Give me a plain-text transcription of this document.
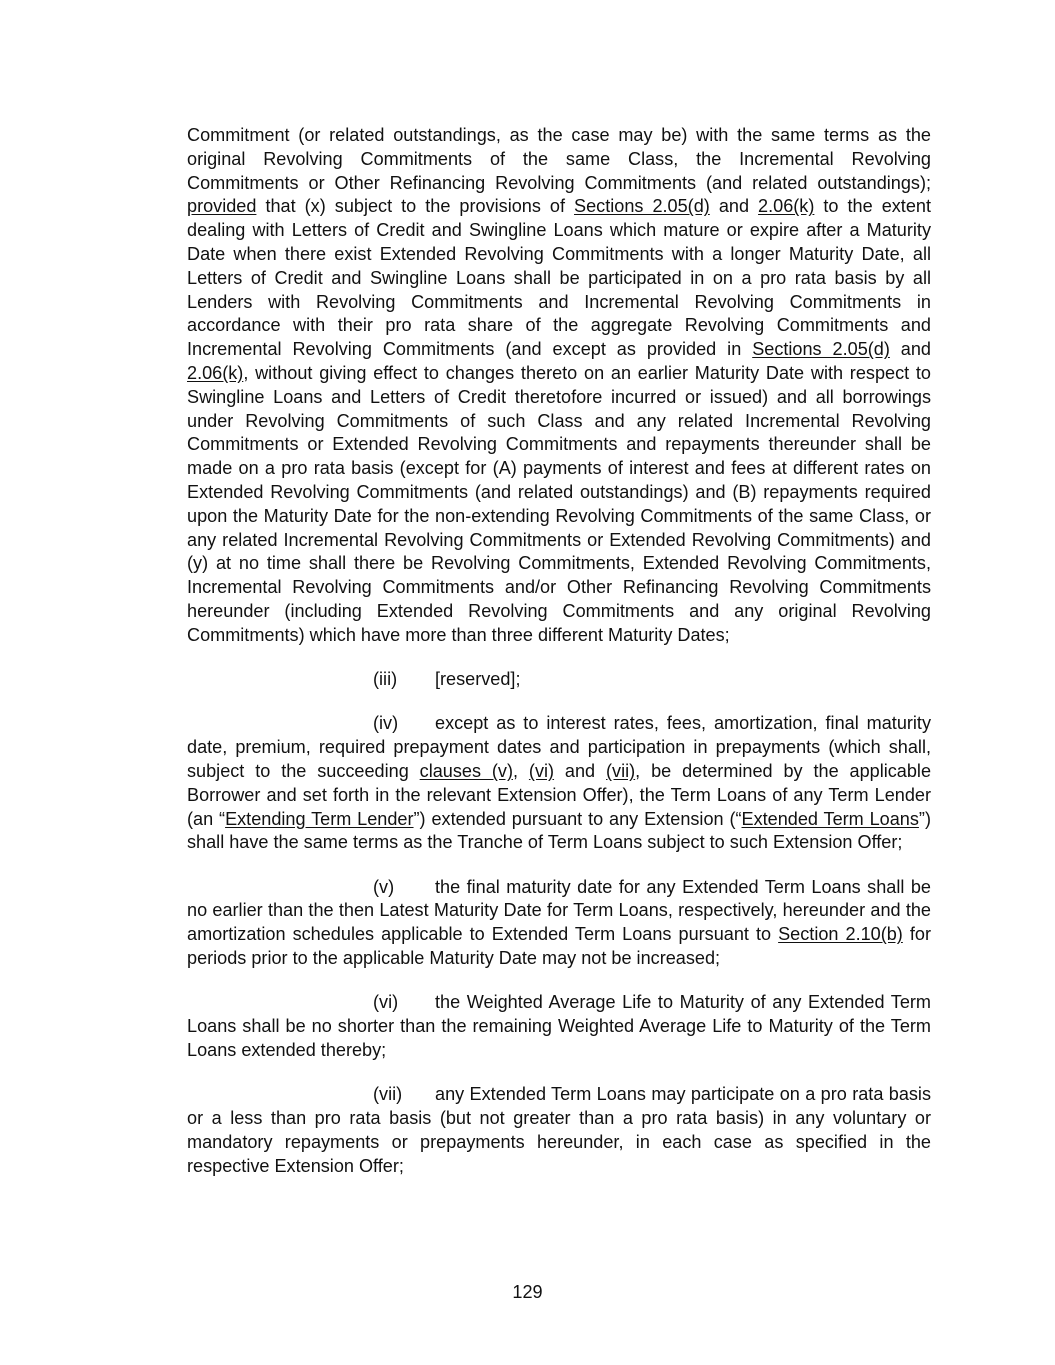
Commitment (or related outstandings, as the case may be) with the same terms as the original Revolving Commitments of the same Class, the Incremental Revolving Commitments or Other Refinancing Revolving Commitments (and related outstandings); provided that (x) subject to the provisions of Sections 2.05(d) and 2.06(k) to the extent dealing with Letters of Credit and Swingline Loans which mature or expire after a Maturity Date when there exist Extended Revolving Commitments with a longer Maturity Date, all Letters of Credit and Swingline Loans shall be participated in on a pro rata basis by all Lenders with Revolving Commitments and Incremental Revolving Commitments in accordance with their pro rata share of the aggregate Revolving Commitments and Incremental Revolving Commitments (and except as provided in Sections 2.05(d) and 2.06(k), without giving effect to changes thereto on an earlier Maturity Date with respect to Swingline Loans and Letters of Credit theretofore incurred or issued) and all borrowings under Revolving Commitments of such Class and any related Incremental Revolving Commitments or Extended Revolving Commitments and repayments thereunder shall be made on a pro rata basis (except for (A) payments of interest and fees at different rates on Extended Revolving Commitments (and related outstandings) and (B) repayments required upon the Maturity Date for the non-extending Revolving Commitments of the same Class, or any related Incremental Revolving Commitments or Extended Revolving Commitments) and (y) at no time shall there be Revolving Commitments, Extended Revolving Commitments, Incremental Revolving Commitments and/or Other Refinancing Revolving Commitments hereunder (including Extended Revolving Commitments and any original Revolving Commitments) which have more than three different Maturity Dates;

(iii) [reserved];

(iv) except as to interest rates, fees, amortization, final maturity date, premium, required prepayment dates and participation in prepayments (which shall, subject to the succeeding clauses (v), (vi) and (vii), be determined by the applicable Borrower and set forth in the relevant Extension Offer), the Term Loans of any Term Lender (an “Extending Term Lender”) extended pursuant to any Extension (“Extended Term Loans”) shall have the same terms as the Tranche of Term Loans subject to such Extension Offer;

(v) the final maturity date for any Extended Term Loans shall be no earlier than the then Latest Maturity Date for Term Loans, respectively, hereunder and the amortization schedules applicable to Extended Term Loans pursuant to Section 2.10(b) for periods prior to the applicable Maturity Date may not be increased;

(vi) the Weighted Average Life to Maturity of any Extended Term Loans shall be no shorter than the remaining Weighted Average Life to Maturity of the Term Loans extended thereby;

(vii) any Extended Term Loans may participate on a pro rata basis or a less than pro rata basis (but not greater than a pro rata basis) in any voluntary or mandatory repayments or prepayments hereunder, in each case as specified in the respective Extension Offer;

129
